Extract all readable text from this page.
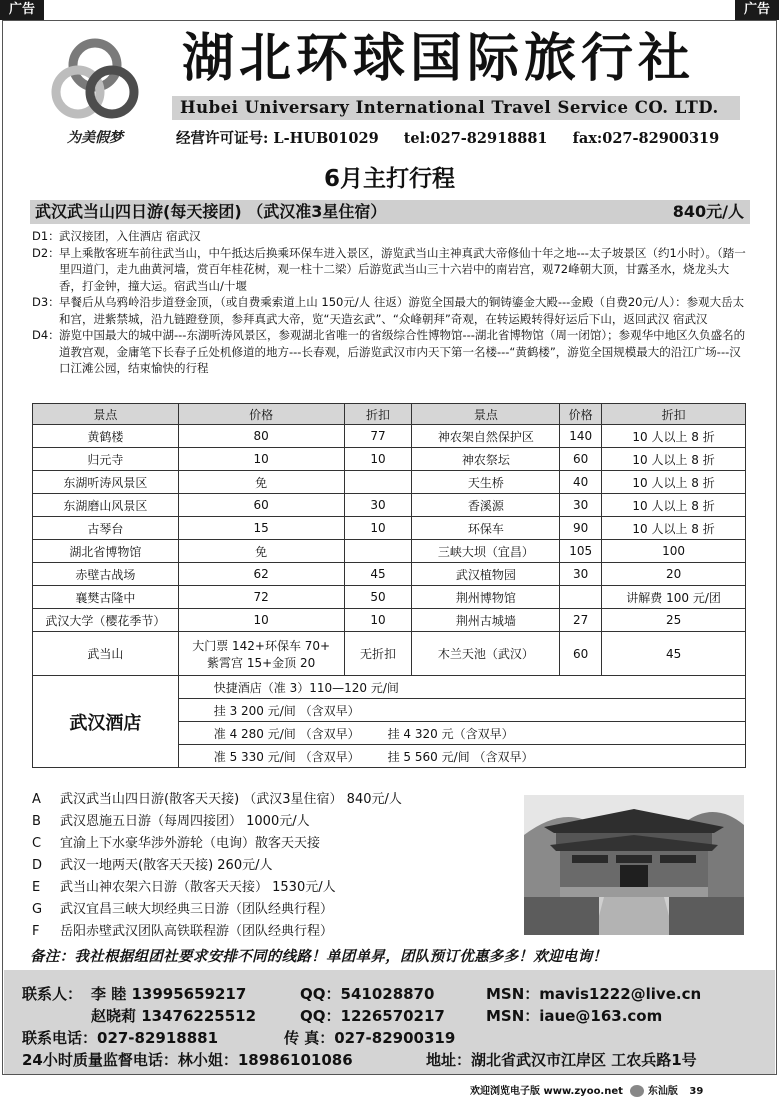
广告	广告
为美假梦
湖北环球国际旅行社
Hubei Universary International Travel Service CO. LTD.
经营许可证号: L-HUB01029 tel:027-82918881 fax:027-82900319
6月主打行程
武汉武当山四日游(每天接团) （武汉准3星住宿）	840元/人
D1： 武汉接团，入住酒店 宿武汉
D2： 早上乘散客班车前往武当山，中午抵达后换乘环保车进入景区，游览武当山主神真武大帝修仙十年之地---太子坡景区（约1小时）。（踏一里四道门，走九曲黄河墙，赏百年桂花树，观一柱十二梁）后游览武当山三十六岩中的南岩宫，观72峰朝大顶，甘露圣水，烧龙头大香，打金钟，撞大运。宿武当山/十堰
D3： 早餐后从乌鸦岭沿步道登金顶，（或自费乘索道上山 150元/人 往返）游览全国最大的铜铸鎏金大殿---金殿（自费20元/人）：参观大岳太和宫，进紫禁城，沿九链蹬登顶，参拜真武大帝，览“天造玄武”、“众峰朝拜”奇观，在转运殿转得好运后下山，返回武汉 宿武汉
D4： 游览中国最大的城中湖---东湖听涛风景区，参观湖北省唯一的省级综合性博物馆---湖北省博物馆（周一闭馆）；参观华中地区久负盛名的道教宫观，金庸笔下长春子丘处机修道的地方---长春观，后游览武汉市内天下第一名楼---“黄鹤楼”，游览全国规模最大的沿江广场---汉口江滩公园，结束愉快的行程
景点	价格	折扣	景点	价格	折扣
黄鹤楼	80	77	神农架自然保护区	140	10 人以上 8 折
归元寺	10	10	神农祭坛	60	10 人以上 8 折
东湖听涛风景区	免		天生桥	40	10 人以上 8 折
东湖磨山风景区	60	30	香溪源	30	10 人以上 8 折
古琴台	15	10	环保车	90	10 人以上 8 折
湖北省博物馆	免		三峡大坝（宜昌）	105	100
赤壁古战场	62	45	武汉植物园	30	20
襄樊古隆中	72	50	荆州博物馆		讲解费 100 元/团
武汉大学（樱花季节）	10	10	荆州古城墙	27	25
武当山	大门票 142+环保车 70+
紫霄宫 15+金顶 20	无折扣	木兰天池（武汉）	60	45
武汉酒店	快捷酒店（准 3）110—120 元/间				
	挂 3 200 元/间 （含双早）				
	准 4 280 元/间 （含双早） 挂 4 320 元（含双早）				
	准 5 330 元/间 （含双早） 挂 5 560 元/间 （含双早）				
A	武汉武当山四日游(散客天天接) （武汉3星住宿） 840元/人
B	武汉恩施五日游（每周四接团） 1000元/人
C	宜渝上下水豪华涉外游轮（电询）散客天天接
D	武汉一地两天(散客天天接) 260元/人
E	武当山神农架六日游（散客天天接） 1530元/人
G	武汉宜昌三峡大坝经典三日游（团队经典行程）
F	岳阳赤壁武汉团队高铁联程游（团队经典行程）
备注：我社根据组团社要求安排不同的线路！单团单昇，团队预订优惠多多！欢迎电询！
联系人： 李 睦 13995659217	QQ：541028870	MSN：mavis1222@live.cn
赵晓莉 13476225512	QQ：1226570217	MSN：iaue@163.com
联系电话：027-82918881	传 真：027-82900319
24小时质量监督电话：林小姐：18986101086	地址：湖北省武汉市江岸区 工农兵路1号
欢迎浏览电子版 www.zyoo.net 东汕版 39
